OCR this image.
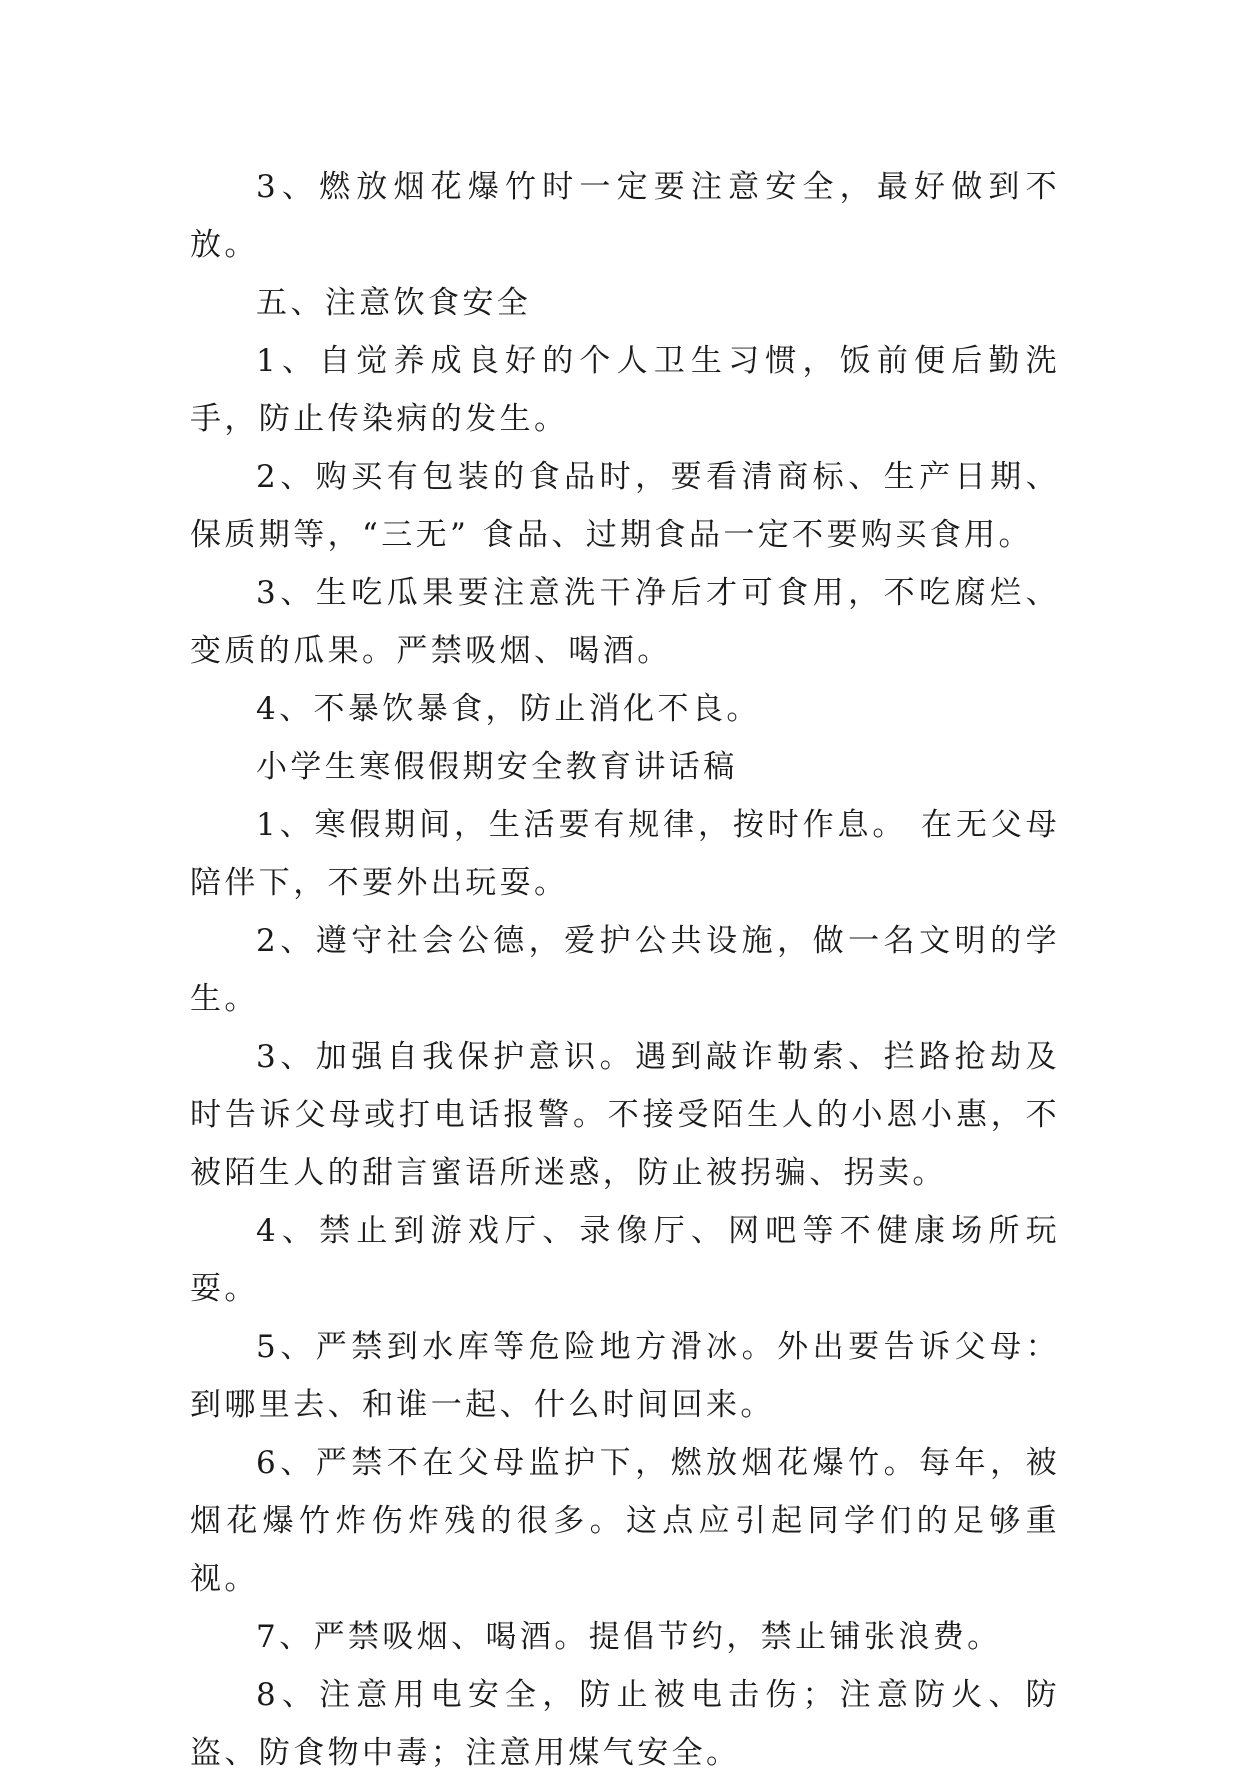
3、燃放烟花爆竹时一定要注意安全，最好做到不放。

五、注意饮食安全

1、自觉养成良好的个人卫生习惯，饭前便后勤洗手，防止传染病的发生。

2、购买有包装的食品时，要看清商标、生产日期、保质期等，“三无” 食品、过期食品一定不要购买食用。

3、生吃瓜果要注意洗干净后才可食用，不吃腐烂、变质的瓜果。严禁吸烟、喝酒。

4、不暴饮暴食，防止消化不良。

小学生寒假假期安全教育讲话稿

1、寒假期间，生活要有规律，按时作息。 在无父母陪伴下，不要外出玩耍。

2、遵守社会公德，爱护公共设施，做一名文明的学生。

3、加强自我保护意识。遇到敲诈勒索、拦路抢劫及时告诉父母或打电话报警。不接受陌生人的小恩小惠，不被陌生人的甜言蜜语所迷惑，防止被拐骗、拐卖。

4、禁止到游戏厅、录像厅、网吧等不健康场所玩耍。

5、严禁到水库等危险地方滑冰。外出要告诉父母：到哪里去、和谁一起、什么时间回来。

6、严禁不在父母监护下，燃放烟花爆竹。每年，被烟花爆竹炸伤炸残的很多。这点应引起同学们的足够重视。

7、严禁吸烟、喝酒。提倡节约，禁止铺张浪费。

8、注意用电安全，防止被电击伤；注意防火、防盗、防食物中毒；注意用煤气安全。
